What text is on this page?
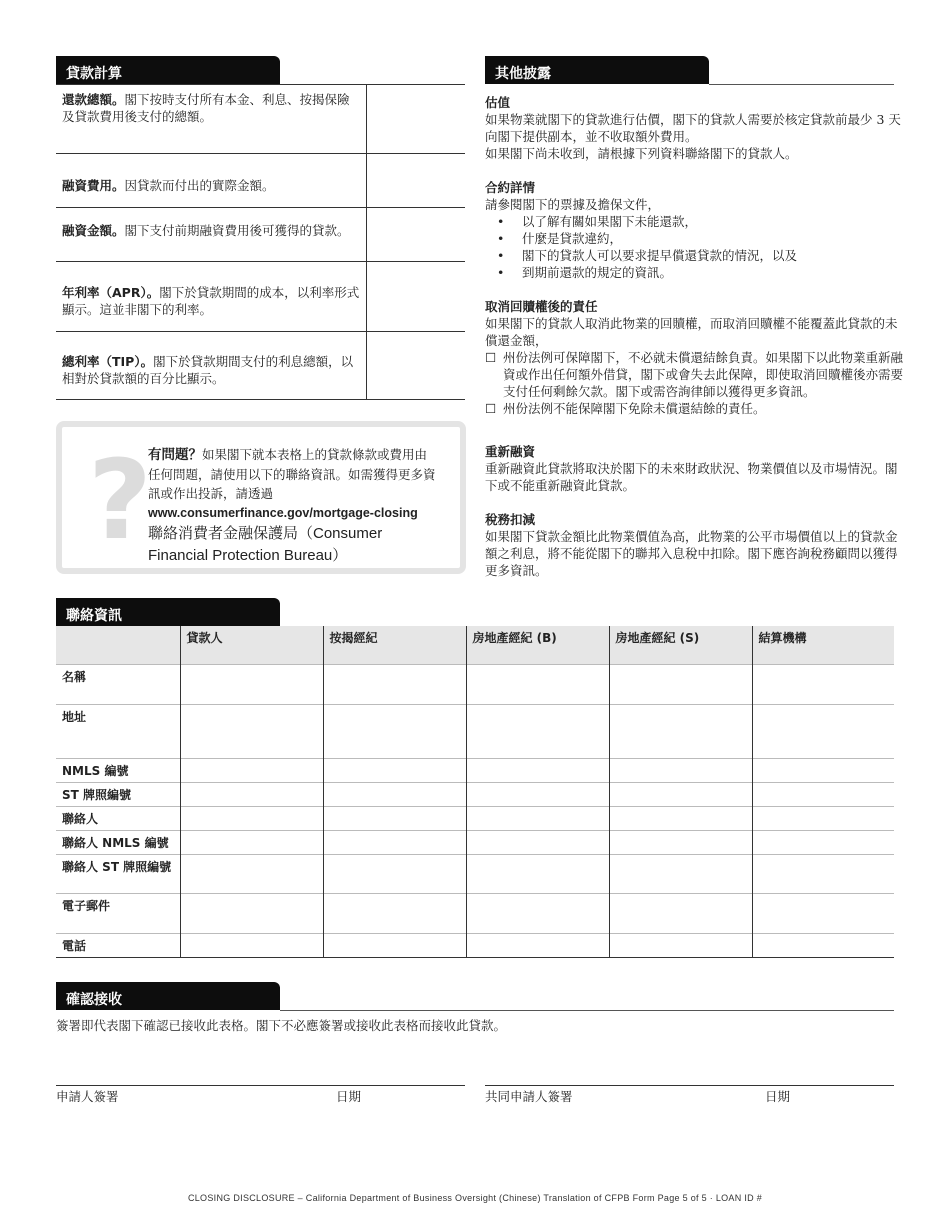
貸款計算
還款總額。閣下按時支付所有本金、利息、按揭保險及貸款費用後支付的總額。
融資費用。因貸款而付出的實際金額。
融資金額。閣下支付前期融資費用後可獲得的貸款。
年利率（APR）。閣下於貸款期間的成本，以利率形式顯示。這並非閣下的利率。
總利率（TIP）。閣下於貸款期間支付的利息總額，以相對於貸款額的百分比顯示。
?
有問題？如果閣下就本表格上的貸款條款或費用由任何問題，請使用以下的聯絡資訊。如需獲得更多資訊或作出投訴，請透過
www.consumerfinance.gov/mortgage-closing
聯絡消費者金融保護局（Consumer Financial Protection Bureau）
其他披露
估值

如果物業就閣下的貸款進行估價，閣下的貸款人需要於核定貸款前最少 3 天向閣下提供副本，並不收取額外費用。

如果閣下尚未收到，請根據下列資料聯絡閣下的貸款人。

合約詳情

請參閱閣下的票據及擔保文件，

• 以了解有關如果閣下未能還款，
• 什麼是貸款違約，
• 閣下的貸款人可以要求提早償還貸款的情況，以及
• 到期前還款的規定的資訊。
取消回贖權後的責任

如果閣下的貸款人取消此物業的回贖權，而取消回贖權不能覆蓋此貸款的未償還金額，

☐ 州份法例可保障閣下，不必就未償還結餘負責。如果閣下以此物業重新融資或作出任何額外借貸，閣下或會失去此保障，即使取消回贖權後亦需要支付任何剩餘欠款。閣下或需咨詢律師以獲得更多資訊。
☐ 州份法例不能保障閣下免除未償還結餘的責任。
重新融資

重新融資此貸款將取決於閣下的未來財政狀況、物業價值以及市場情況。閣下或不能重新融資此貸款。

稅務扣減

如果閣下貸款金額比此物業價值為高，此物業的公平市場價值以上的貸款金額之利息，將不能從閣下的聯邦入息稅中扣除。閣下應咨詢稅務顧問以獲得更多資訊。

聯絡資訊
	貸款人	按揭經紀	房地產經紀 (B)	房地產經紀 (S)	結算機構
名稱					
地址					
NMLS 編號					
ST 牌照編號					
聯絡人					
聯絡人 NMLS 編號					
聯絡人 ST 牌照編號					
電子郵件					
電話					
確認接收
簽署即代表閣下確認已接收此表格。閣下不必應簽署或接收此表格而接收此貸款。
申請人簽署	日期	共同申請人簽署	日期
CLOSING DISCLOSURE – California Department of Business Oversight (Chinese) Translation of CFPB Form Page 5 of 5 · LOAN ID #
